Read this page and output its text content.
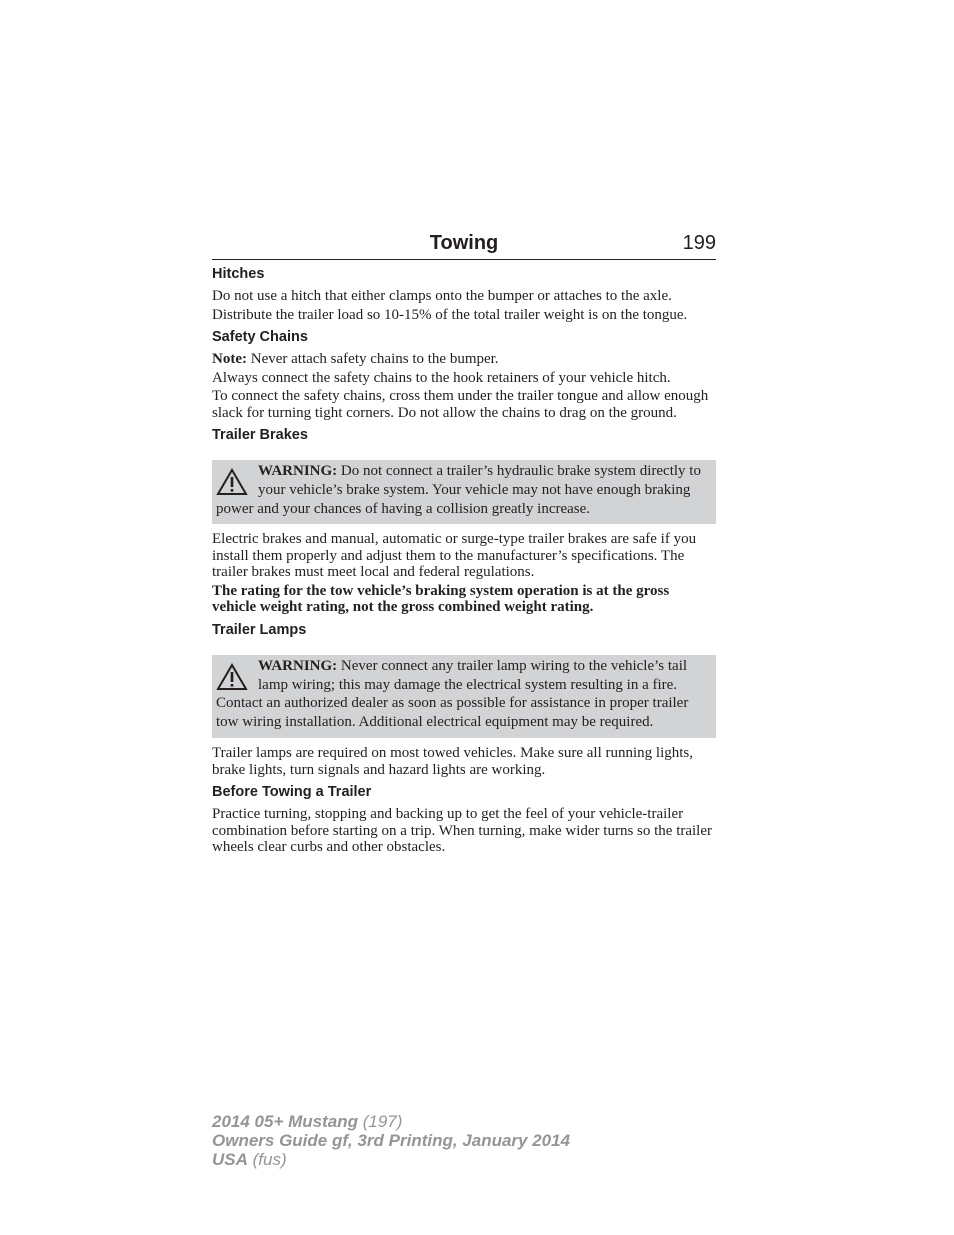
Towing	199
Hitches

Do not use a hitch that either clamps onto the bumper or attaches to the axle.

Distribute the trailer load so 10-15% of the total trailer weight is on the tongue.

Safety Chains

Note: Never attach safety chains to the bumper.

Always connect the safety chains to the hook retainers of your vehicle hitch.

To connect the safety chains, cross them under the trailer tongue and allow enough slack for turning tight corners. Do not allow the chains to drag on the ground.

Trailer Brakes

WARNING: Do not connect a trailer’s hydraulic brake system directly to your vehicle’s brake system. Your vehicle may not have enough braking power and your chances of having a collision greatly increase.

Electric brakes and manual, automatic or surge-type trailer brakes are safe if you install them properly and adjust them to the manufacturer’s specifications. The trailer brakes must meet local and federal regulations.

The rating for the tow vehicle’s braking system operation is at the gross vehicle weight rating, not the gross combined weight rating.

Trailer Lamps

WARNING: Never connect any trailer lamp wiring to the vehicle’s tail lamp wiring; this may damage the electrical system resulting in a fire. Contact an authorized dealer as soon as possible for assistance in proper trailer tow wiring installation. Additional electrical equipment may be required.

Trailer lamps are required on most towed vehicles. Make sure all running lights, brake lights, turn signals and hazard lights are working.

Before Towing a Trailer

Practice turning, stopping and backing up to get the feel of your vehicle-trailer combination before starting on a trip. When turning, make wider turns so the trailer wheels clear curbs and other obstacles.

2014 05+ Mustang (197)
Owners Guide gf, 3rd Printing, January 2014
USA (fus)
